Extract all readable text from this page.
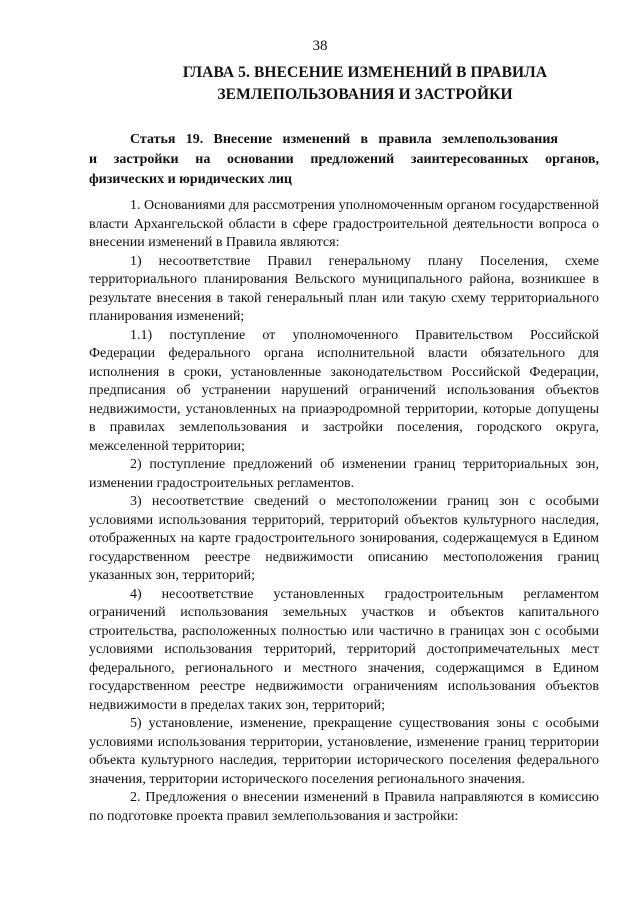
38
ГЛАВА 5. ВНЕСЕНИЕ ИЗМЕНЕНИЙ В ПРАВИЛА
ЗЕМЛЕПОЛЬЗОВАНИЯ И ЗАСТРОЙКИ
Статья 19. Внесение изменений в правила землепользования
и застройки на основании предложений заинтересованных органов,
физических и юридических лиц

1. Основаниями для рассмотрения уполномоченным органом государственной власти Архангельской области в сфере градостроительной деятельности вопроса о внесении изменений в Правила являются:

1) несоответствие Правил генеральному плану Поселения, схеме территориального планирования Вельского муниципального района, возникшее в результате внесения в такой генеральный план или такую схему территориального планирования изменений;

1.1) поступление от уполномоченного Правительством Российской Федерации федерального органа исполнительной власти обязательного для исполнения в сроки, установленные законодательством Российской Федерации, предписания об устранении нарушений ограничений использования объектов недвижимости, установленных на приаэродромной территории, которые допущены в правилах землепользования и застройки поселения, городского округа, межселенной территории;

2) поступление предложений об изменении границ территориальных зон, изменении градостроительных регламентов.

3) несоответствие сведений о местоположении границ зон с особыми условиями использования территорий, территорий объектов культурного наследия, отображенных на карте градостроительного зонирования, содержащемуся в Едином государственном реестре недвижимости описанию местоположения границ указанных зон, территорий;

4) несоответствие установленных градостроительным регламентом ограничений использования земельных участков и объектов капитального строительства, расположенных полностью или частично в границах зон с особыми условиями использования территорий, территорий достопримечательных мест федерального, регионального и местного значения, содержащимся в Едином государственном реестре недвижимости ограничениям использования объектов недвижимости в пределах таких зон, территорий;

5) установление, изменение, прекращение существования зоны с особыми условиями использования территории, установление, изменение границ территории объекта культурного наследия, территории исторического поселения федерального значения, территории исторического поселения регионального значения.

2. Предложения о внесении изменений в Правила направляются в комиссию по подготовке проекта правил землепользования и застройки:
